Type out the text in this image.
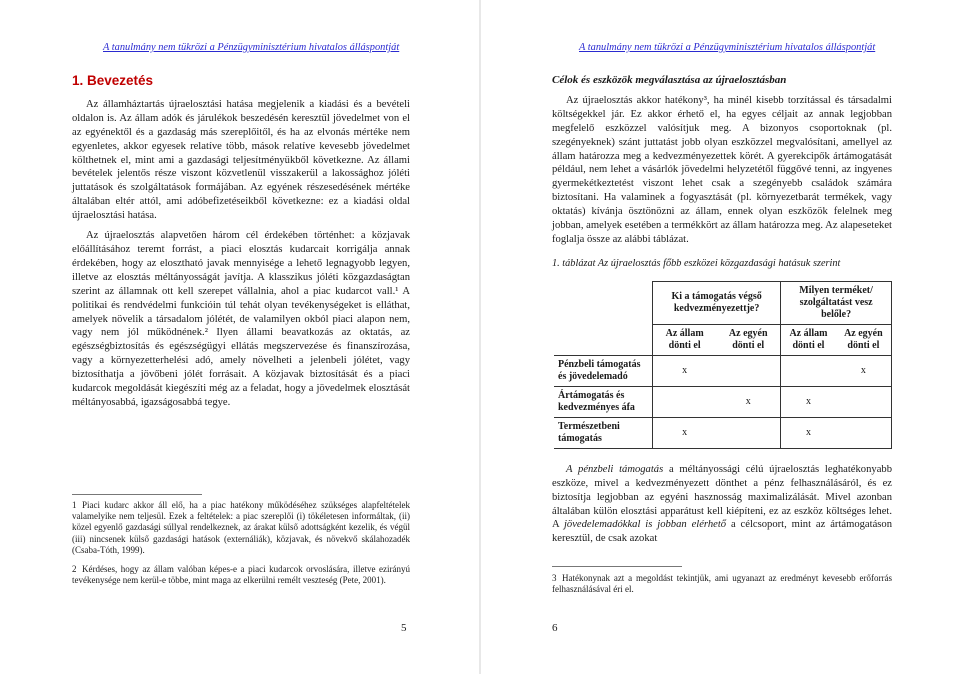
A tanulmány nem tükrözi a Pénzügyminisztérium hivatalos álláspontját
1. Bevezetés

Az államháztartás újraelosztási hatása megjelenik a kiadási és a bevételi oldalon is. Az állam adók és járulékok beszedésén keresztül jövedelmet von el az egyénektől és a gazdaság más szereplőitől, és ha az elvonás mértéke nem egyenletes, akkor egyesek relatíve több, mások relatíve kevesebb jövedelmet költhetnek el, mint ami a gazdasági teljesítményükből következne. Az állami bevételek jelentős része viszont közvetlenül visszakerül a lakossághoz jóléti juttatások és szolgáltatások formájában. Az egyének részesedésének mértéke általában eltér attól, ami adóbefizetéseikből következne: ez a kiadási oldal újraelosztási hatása.

Az újraelosztás alapvetően három cél érdekében történhet: a közjavak előállításához teremt forrást, a piaci elosztás kudarcait korrigálja annak érdekében, hogy az elosztható javak mennyisége a lehető legnagyobb legyen, illetve az elosztás méltányosságát javítja. A klasszikus jóléti közgazdaságtan szerint az államnak ott kell szerepet vállalnia, ahol a piac kudarcot vall.¹ A politikai és rendvédelmi funkcióin túl tehát olyan tevékenységeket is elláthat, amelyek növelik a társadalom jólétét, de valamilyen okból piaci alapon nem, vagy nem jól működnének.² Ilyen állami beavatkozás az oktatás, az egészségbiztosítás és egészségügyi ellátás megszervezése és finanszírozása, vagy a környezetterhelési adó, amely növelheti a jelenbeli jólétet, vagy biztosíthatja a jövőbeni jólét forrásait. A közjavak biztosítását és a piaci kudarcok megoldását kiegészíti még az a feladat, hogy a jövedelmek elosztását méltányosabbá, igazságosabbá tegye.

1 Piaci kudarc akkor áll elő, ha a piac hatékony működéséhez szükséges alapfeltételek valamelyike nem teljesül. Ezek a feltételek: a piac szereplői (i) tökéletesen informáltak, (ii) közel egyenlő gazdasági súllyal rendelkeznek, az árakat külső adottságként kezelik, és végül (iii) nincsenek külső gazdasági hatások (externáliák), közjavak, és növekvő skálahozadék (Csaba-Tóth, 1999).
2 Kérdéses, hogy az állam valóban képes-e a piaci kudarcok orvoslására, illetve ezirányú tevékenysége nem kerül-e többe, mint maga az elkerülni remélt veszteség (Pete, 2001).
5
A tanulmány nem tükrözi a Pénzügyminisztérium hivatalos álláspontját
Célok és eszközök megválasztása az újraelosztásban

Az újraelosztás akkor hatékony³, ha minél kisebb torzítással és társadalmi költségekkel jár. Ez akkor érhető el, ha egyes céljait az annak legjobban megfelelő eszközzel valósítjuk meg. A bizonyos csoportoknak (pl. szegényeknek) szánt juttatást jobb olyan eszközzel megvalósítani, amellyel az állam határozza meg a kedvezményezettek körét. A gyerekcipők ártámogatását például, nem lehet a vásárlók jövedelmi helyzetétől függővé tenni, az ingyenes gyermekétkeztetést viszont lehet csak a szegényebb családok számára biztosítani. Ha valaminek a fogyasztását (pl. környezetbarát termékek, vagy oktatás) kívánja ösztönözni az állam, ennek olyan eszközök felelnek meg jobban, amelyek esetében a termékkört az állam határozza meg. Az alapeseteket foglalja össze az alábbi táblázat.

1. táblázat Az újraelosztás főbb eszközei közgazdasági hatásuk szerint
	Ki a támogatás végső kedvezményezettje?		Milyen terméket/ szolgáltatást vesz belőle?	
	Az állam dönti el	Az egyén dönti el	Az állam dönti el	Az egyén dönti el
Pénzbeli támogatás és jövedelemadó	x			x
Ártámogatás és kedvezményes áfa		x	x	
Természetbeni támogatás	x		x	

A pénzbeli támogatás a méltányossági célú újraelosztás leghatékonyabb eszköze, mivel a kedvezményezett dönthet a pénz felhasználásáról, és ez biztosítja legjobban az egyéni hasznosság maximalizálását. Mivel azonban általában külön elosztási apparátust kell kiépíteni, ez az eszköz költséges lehet. A jövedelemadókkal is jobban elérhető a célcsoport, mint az ártámogatáson keresztül, de csak azokat

3 Hatékonynak azt a megoldást tekintjük, ami ugyanazt az eredményt kevesebb erőforrás felhasználásával éri el.
6
